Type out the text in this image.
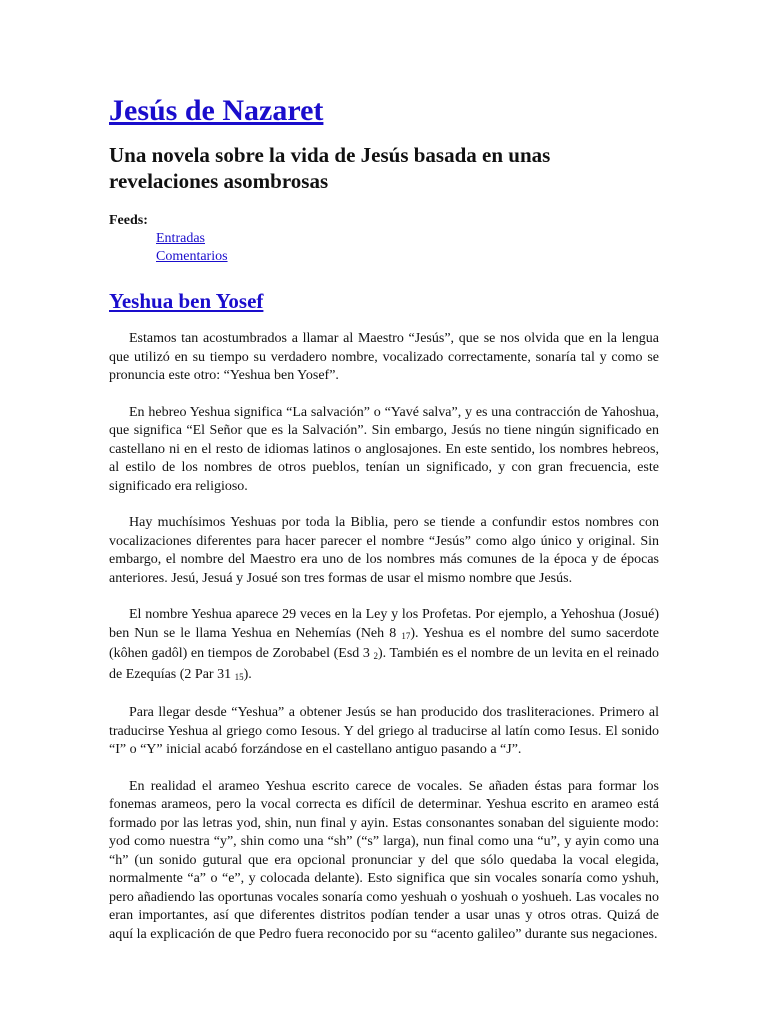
Jesús de Nazaret
Una novela sobre la vida de Jesús basada en unas revelaciones asombrosas
Feeds:
Entradas
Comentarios
Yeshua ben Yosef

Estamos tan acostumbrados a llamar al Maestro “Jesús”, que se nos olvida que en la lengua que utilizó en su tiempo su verdadero nombre, vocalizado correctamente, sonaría tal y como se pronuncia este otro: “Yeshua ben Yosef”.

En hebreo Yeshua significa “La salvación” o “Yavé salva”, y es una contracción de Yahoshua, que significa “El Señor que es la Salvación”. Sin embargo, Jesús no tiene ningún significado en castellano ni en el resto de idiomas latinos o anglosajones. En este sentido, los nombres hebreos, al estilo de los nombres de otros pueblos, tenían un significado, y con gran frecuencia, este significado era religioso.

Hay muchísimos Yeshuas por toda la Biblia, pero se tiende a confundir estos nombres con vocalizaciones diferentes para hacer parecer el nombre “Jesús” como algo único y original. Sin embargo, el nombre del Maestro era uno de los nombres más comunes de la época y de épocas anteriores. Jesú, Jesuá y Josué son tres formas de usar el mismo nombre que Jesús.

El nombre Yeshua aparece 29 veces en la Ley y los Profetas. Por ejemplo, a Yehoshua (Josué) ben Nun se le llama Yeshua en Nehemías (Neh 8 $_{17}$). Yeshua es el nombre del sumo sacerdote (kôhen gadôl) en tiempos de Zorobabel (Esd 3 $_2$). También es el nombre de un levita en el reinado de Ezequías (2 Par 31 $_{15}$).

Para llegar desde “Yeshua” a obtener Jesús se han producido dos trasliteraciones. Primero al traducirse Yeshua al griego como Iesous. Y del griego al traducirse al latín como Iesus. El sonido “I” o “Y” inicial acabó forzándose en el castellano antiguo pasando a “J”.

En realidad el arameo Yeshua escrito carece de vocales. Se añaden éstas para formar los fonemas arameos, pero la vocal correcta es difícil de determinar. Yeshua escrito en arameo está formado por las letras yod, shin, nun final y ayin. Estas consonantes sonaban del siguiente modo: yod como nuestra “y”, shin como una “sh” (“s” larga), nun final como una “u”, y ayin como una “h” (un sonido gutural que era opcional pronunciar y del que sólo quedaba la vocal elegida, normalmente “a” o “e”, y colocada delante). Esto significa que sin vocales sonaría como yshuh, pero añadiendo las oportunas vocales sonaría como yeshuah o yoshuah o yoshueh. Las vocales no eran importantes, así que diferentes distritos podían tender a usar unas y otros otras. Quizá de aquí la explicación de que Pedro fuera reconocido por su “acento galileo” durante sus negaciones.
